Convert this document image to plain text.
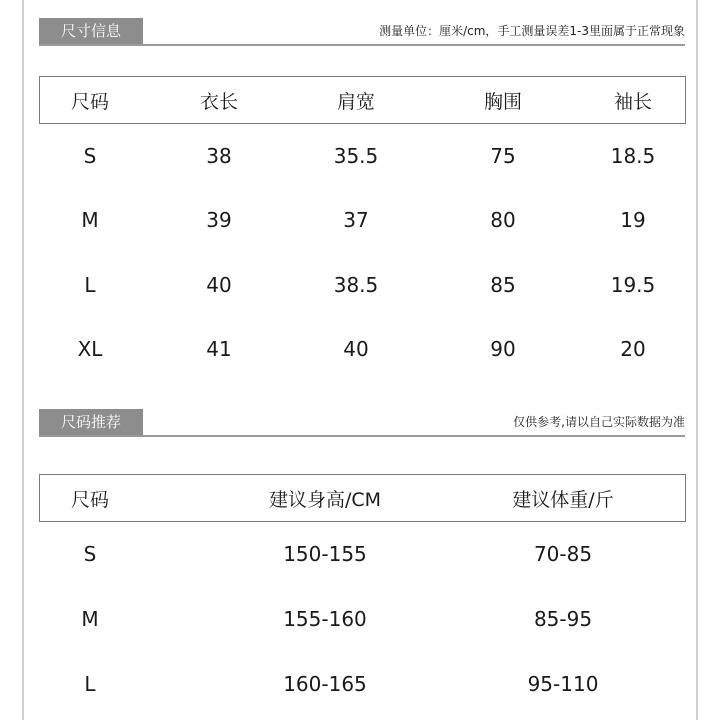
尺寸信息	测量单位：厘米/cm，手工测量误差1-3里面属于正常现象
尺码	衣长	肩宽	胸围	袖长
S	38	35.5	75	18.5
M	39	37	80	19
L	40	38.5	85	19.5
XL	41	40	90	20
尺码推荐	仅供参考,请以自己实际数据为准
尺码	建议身高/CM	建议体重/斤
S	150-155	70-85
M	155-160	85-95
L	160-165	95-110
